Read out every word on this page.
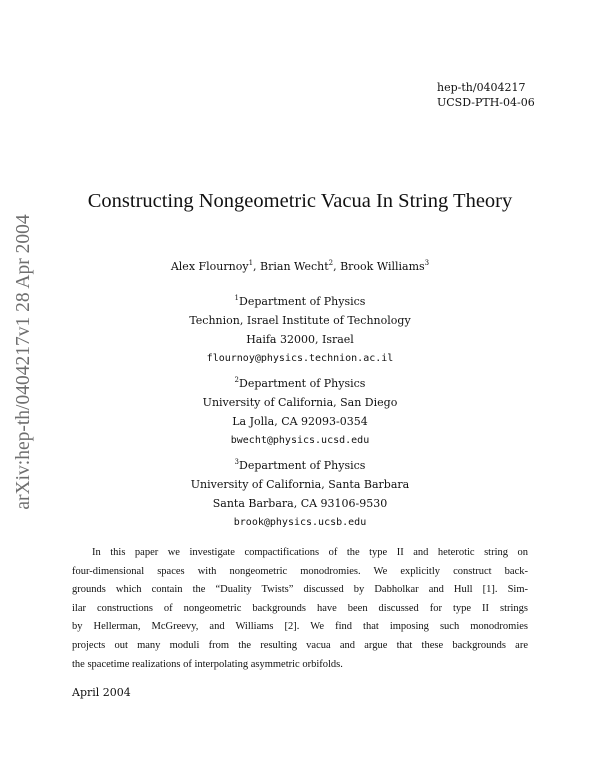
hep-th/0404217
UCSD-PTH-04-06
arXiv:hep-th/0404217v1 28 Apr 2004
Constructing Nongeometric Vacua In String Theory
Alex Flournoy$^1$, Brian Wecht$^2$, Brook Williams$^3$
$^1$Department of Physics
Technion, Israel Institute of Technology
Haifa 32000, Israel
flournoy@physics.technion.ac.il
$^2$Department of Physics
University of California, San Diego
La Jolla, CA 92093-0354
bwecht@physics.ucsd.edu
$^3$Department of Physics
University of California, Santa Barbara
Santa Barbara, CA 93106-9530
brook@physics.ucsb.edu
In this paper we investigate compactifications of the type II and heterotic string on
four-dimensional spaces with nongeometric monodromies. We explicitly construct back-
grounds which contain the “Duality Twists” discussed by Dabholkar and Hull [1]. Sim-
ilar constructions of nongeometric backgrounds have been discussed for type II strings
by Hellerman, McGreevy, and Williams [2]. We find that imposing such monodromies
projects out many moduli from the resulting vacua and argue that these backgrounds are
the spacetime realizations of interpolating asymmetric orbifolds.
April 2004
